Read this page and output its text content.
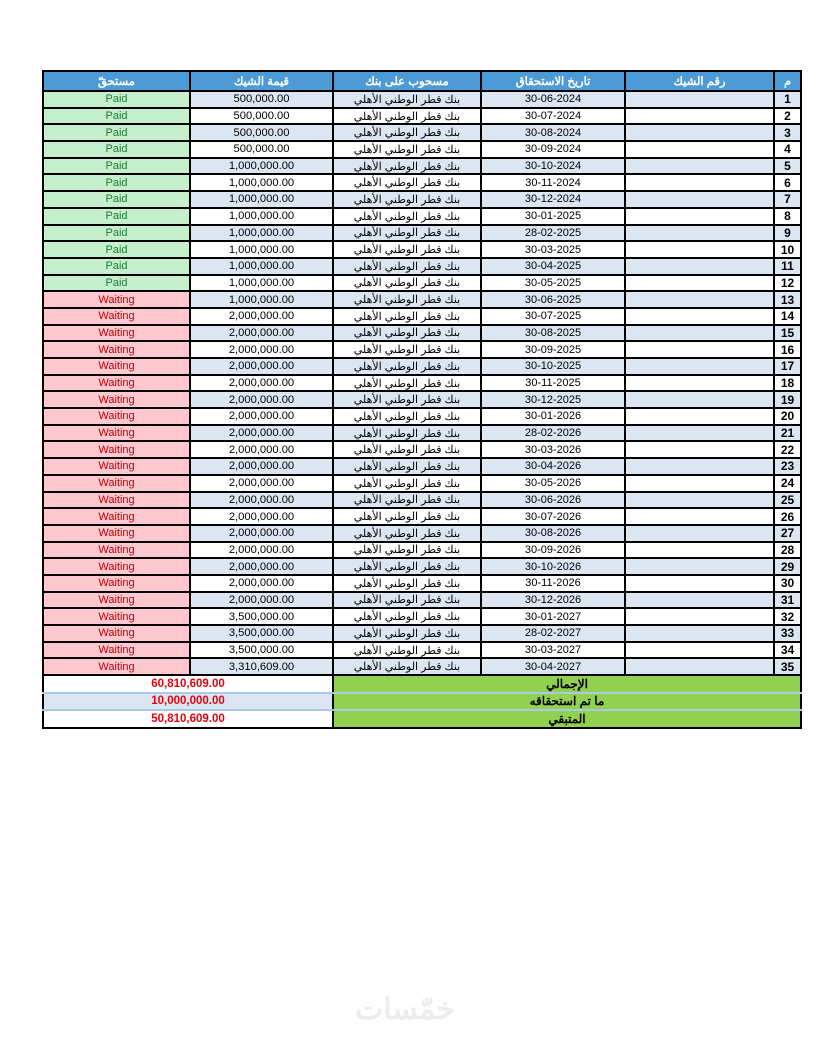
م	رقم الشيك	تاريخ الاستحقاق	مسحوب على بنك	قيمة الشيك	مستحقّ
1		30-06-2024	بنك قطر الوطني الأهلي	500,000.00	Paid
2		30-07-2024	بنك قطر الوطني الأهلي	500,000.00	Paid
3		30-08-2024	بنك قطر الوطني الأهلي	500,000.00	Paid
4		30-09-2024	بنك قطر الوطني الأهلي	500,000.00	Paid
5		30-10-2024	بنك قطر الوطني الأهلي	1,000,000.00	Paid
6		30-11-2024	بنك قطر الوطني الأهلي	1,000,000.00	Paid
7		30-12-2024	بنك قطر الوطني الأهلي	1,000,000.00	Paid
8		30-01-2025	بنك قطر الوطني الأهلي	1,000,000.00	Paid
9		28-02-2025	بنك قطر الوطني الأهلي	1,000,000.00	Paid
10		30-03-2025	بنك قطر الوطني الأهلي	1,000,000.00	Paid
11		30-04-2025	بنك قطر الوطني الأهلي	1,000,000.00	Paid
12		30-05-2025	بنك قطر الوطني الأهلي	1,000,000.00	Paid
13		30-06-2025	بنك قطر الوطني الأهلي	1,000,000.00	Waiting
14		30-07-2025	بنك قطر الوطني الأهلي	2,000,000.00	Waiting
15		30-08-2025	بنك قطر الوطني الأهلي	2,000,000.00	Waiting
16		30-09-2025	بنك قطر الوطني الأهلي	2,000,000.00	Waiting
17		30-10-2025	بنك قطر الوطني الأهلي	2,000,000.00	Waiting
18		30-11-2025	بنك قطر الوطني الأهلي	2,000,000.00	Waiting
19		30-12-2025	بنك قطر الوطني الأهلي	2,000,000.00	Waiting
20		30-01-2026	بنك قطر الوطني الأهلي	2,000,000.00	Waiting
21		28-02-2026	بنك قطر الوطني الأهلي	2,000,000.00	Waiting
22		30-03-2026	بنك قطر الوطني الأهلي	2,000,000.00	Waiting
23		30-04-2026	بنك قطر الوطني الأهلي	2,000,000.00	Waiting
24		30-05-2026	بنك قطر الوطني الأهلي	2,000,000.00	Waiting
25		30-06-2026	بنك قطر الوطني الأهلي	2,000,000.00	Waiting
26		30-07-2026	بنك قطر الوطني الأهلي	2,000,000.00	Waiting
27		30-08-2026	بنك قطر الوطني الأهلي	2,000,000.00	Waiting
28		30-09-2026	بنك قطر الوطني الأهلي	2,000,000.00	Waiting
29		30-10-2026	بنك قطر الوطني الأهلي	2,000,000.00	Waiting
30		30-11-2026	بنك قطر الوطني الأهلي	2,000,000.00	Waiting
31		30-12-2026	بنك قطر الوطني الأهلي	2,000,000.00	Waiting
32		30-01-2027	بنك قطر الوطني الأهلي	3,500,000.00	Waiting
33		28-02-2027	بنك قطر الوطني الأهلي	3,500,000.00	Waiting
34		30-03-2027	بنك قطر الوطني الأهلي	3,500,000.00	Waiting
35		30-04-2027	بنك قطر الوطني الأهلي	3,310,609.00	Waiting
الإجمالي	60,810,609.00
ما تم استحقاقه	10,000,000.00
المتبقي	50,810,609.00
خمّسات
